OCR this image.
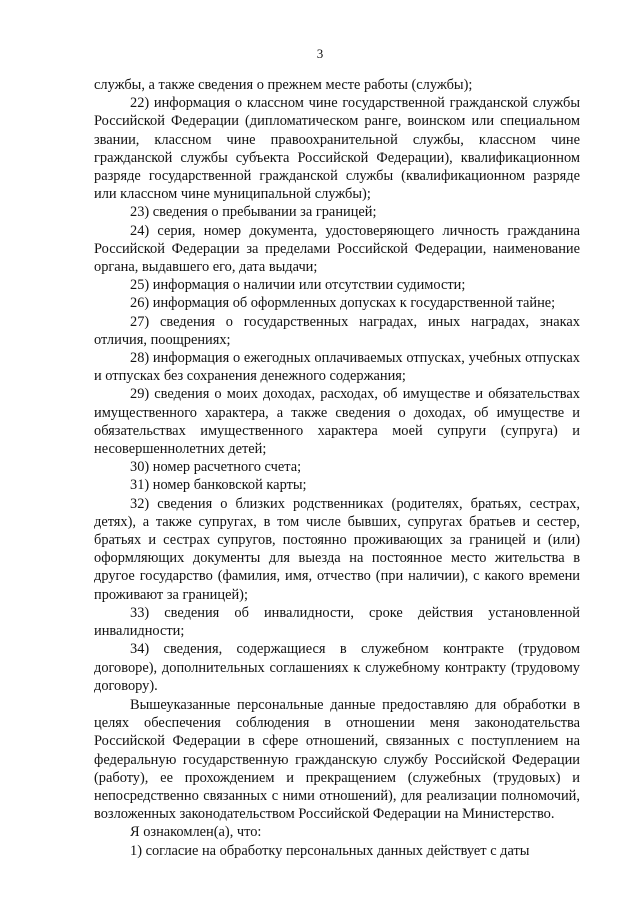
3

службы, а также сведения о прежнем месте работы (службы);

22) информация о классном чине государственной гражданской службы Российской Федерации (дипломатическом ранге, воинском или специальном звании, классном чине правоохранительной службы, классном чине гражданской службы субъекта Российской Федерации), квалификационном разряде государственной гражданской службы (квалификационном разряде или классном чине муниципальной службы);

23) сведения о пребывании за границей;

24) серия, номер документа, удостоверяющего личность гражданина Российской Федерации за пределами Российской Федерации, наименование органа, выдавшего его, дата выдачи;

25) информация о наличии или отсутствии судимости;

26) информация об оформленных допусках к государственной тайне;

27) сведения о государственных наградах, иных наградах, знаках отличия, поощрениях;

28) информация о ежегодных оплачиваемых отпусках, учебных отпусках и отпусках без сохранения денежного содержания;

29) сведения о моих доходах, расходах, об имуществе и обязательствах имущественного характера, а также сведения о доходах, об имуществе и обязательствах имущественного характера моей супруги (супруга) и несовершеннолетних детей;

30) номер расчетного счета;

31) номер банковской карты;

32) сведения о близких родственниках (родителях, братьях, сестрах, детях), а также супругах, в том числе бывших, супругах братьев и сестер, братьях и сестрах супругов, постоянно проживающих за границей и (или) оформляющих документы для выезда на постоянное место жительства в другое государство (фамилия, имя, отчество (при наличии), с какого времени проживают за границей);

33) сведения об инвалидности, сроке действия установленной инвалидности;

34) сведения, содержащиеся в служебном контракте (трудовом договоре), дополнительных соглашениях к служебному контракту (трудовому договору).

Вышеуказанные персональные данные предоставляю для обработки в целях обеспечения соблюдения в отношении меня законодательства Российской Федерации в сфере отношений, связанных с поступлением на федеральную государственную гражданскую службу Российской Федерации (работу), ее прохождением и прекращением (служебных (трудовых) и непосредственно связанных с ними отношений), для реализации полномочий, возложенных законодательством Российской Федерации на Министерство.

Я ознакомлен(а), что:

1) согласие на обработку персональных данных действует с даты
